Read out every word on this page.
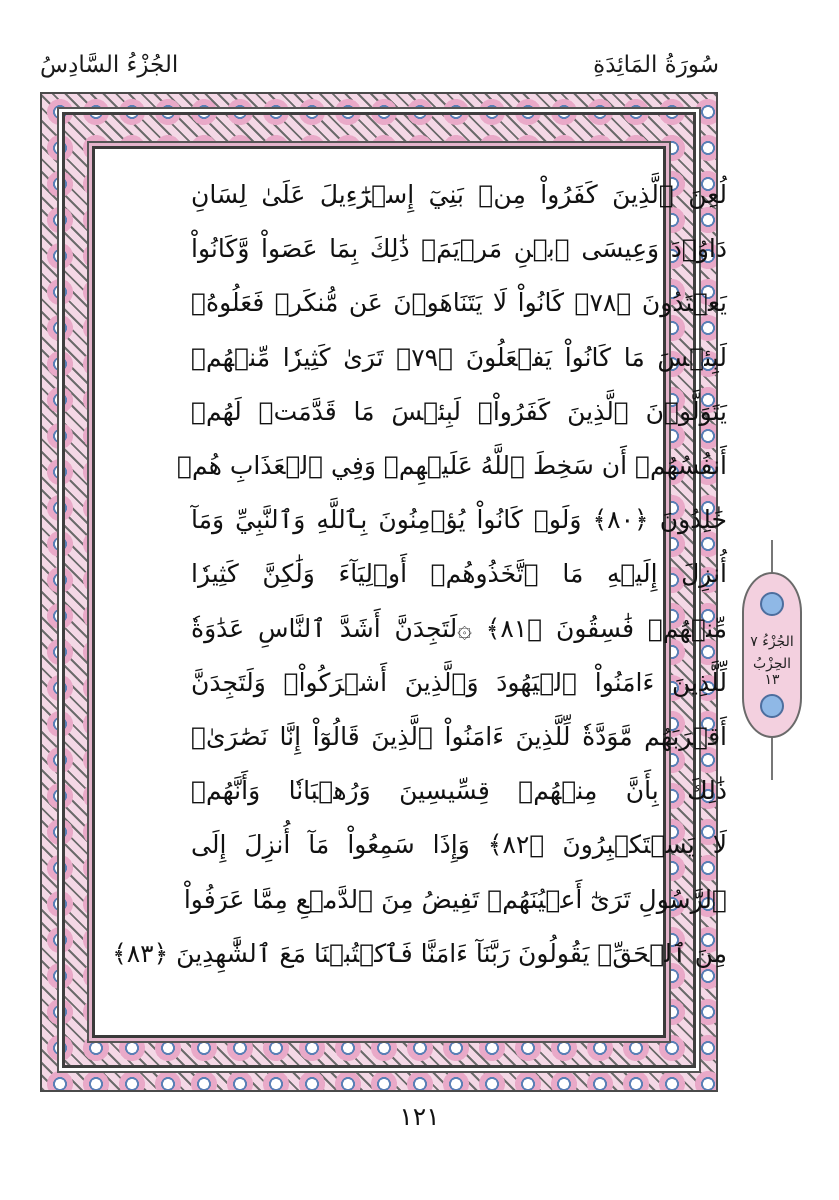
سُورَةُ المَائِدَةِ
الجُزْءُ السَّادِسُ
لُعِنَ ٱلَّذِينَ كَفَرُواْ مِنۢ بَنِيٓ إِسۡرَٰٓءِيلَ عَلَىٰ لِسَانِ
دَاوُۥدَ وَعِيسَى ٱبۡنِ مَرۡيَمَۚ ذَٰلِكَ بِمَا عَصَواْ وَّكَانُواْ
يَعۡتَدُونَ ﴿٧٨﴾ كَانُواْ لَا يَتَنَاهَوۡنَ عَن مُّنكَرٖ فَعَلُوهُۚ
لَبِئۡسَ مَا كَانُواْ يَفۡعَلُونَ ﴿٧٩﴾ تَرَىٰ كَثِيرٗا مِّنۡهُمۡ
يَتَوَلَّوۡنَ ٱلَّذِينَ كَفَرُواْۚ لَبِئۡسَ مَا قَدَّمَتۡ لَهُمۡ
أَنفُسُهُمۡ أَن سَخِطَ ٱللَّهُ عَلَيۡهِمۡ وَفِي ٱلۡعَذَابِ هُمۡ
خَٰلِدُونَ ﴿٨٠﴾ وَلَوۡ كَانُواْ يُؤۡمِنُونَ بِٱللَّهِ وَٱلنَّبِيِّ وَمَآ
أُنزِلَ إِلَيۡهِ مَا ٱتَّخَذُوهُمۡ أَوۡلِيَآءَ وَلَٰكِنَّ كَثِيرٗا
مِّنۡهُمۡ فَٰسِقُونَ ﴿٨١﴾ ۞لَتَجِدَنَّ أَشَدَّ ٱلنَّاسِ عَدَٰوَةٗ
لِّلَّذِينَ ءَامَنُواْ ٱلۡيَهُودَ وَٱلَّذِينَ أَشۡرَكُواْۖ وَلَتَجِدَنَّ
أَقۡرَبَهُم مَّوَدَّةٗ لِّلَّذِينَ ءَامَنُواْ ٱلَّذِينَ قَالُوٓاْ إِنَّا نَصَٰرَىٰۚ
ذَٰلِكَ بِأَنَّ مِنۡهُمۡ قِسِّيسِينَ وَرُهۡبَانٗا وَأَنَّهُمۡ
لَا يَسۡتَكۡبِرُونَ ﴿٨٢﴾ وَإِذَا سَمِعُواْ مَآ أُنزِلَ إِلَى
ٱلرَّسُولِ تَرَىٰٓ أَعۡيُنَهُمۡ تَفِيضُ مِنَ ٱلدَّمۡعِ مِمَّا عَرَفُواْ
مِنَ ٱلۡحَقِّۖ يَقُولُونَ رَبَّنَآ ءَامَنَّا فَٱكۡتُبۡنَا مَعَ ٱلشَّٰهِدِينَ ﴿٨٣﴾
الجُزْءُ ٧
الحِزْبُ ١٣
١٢١
